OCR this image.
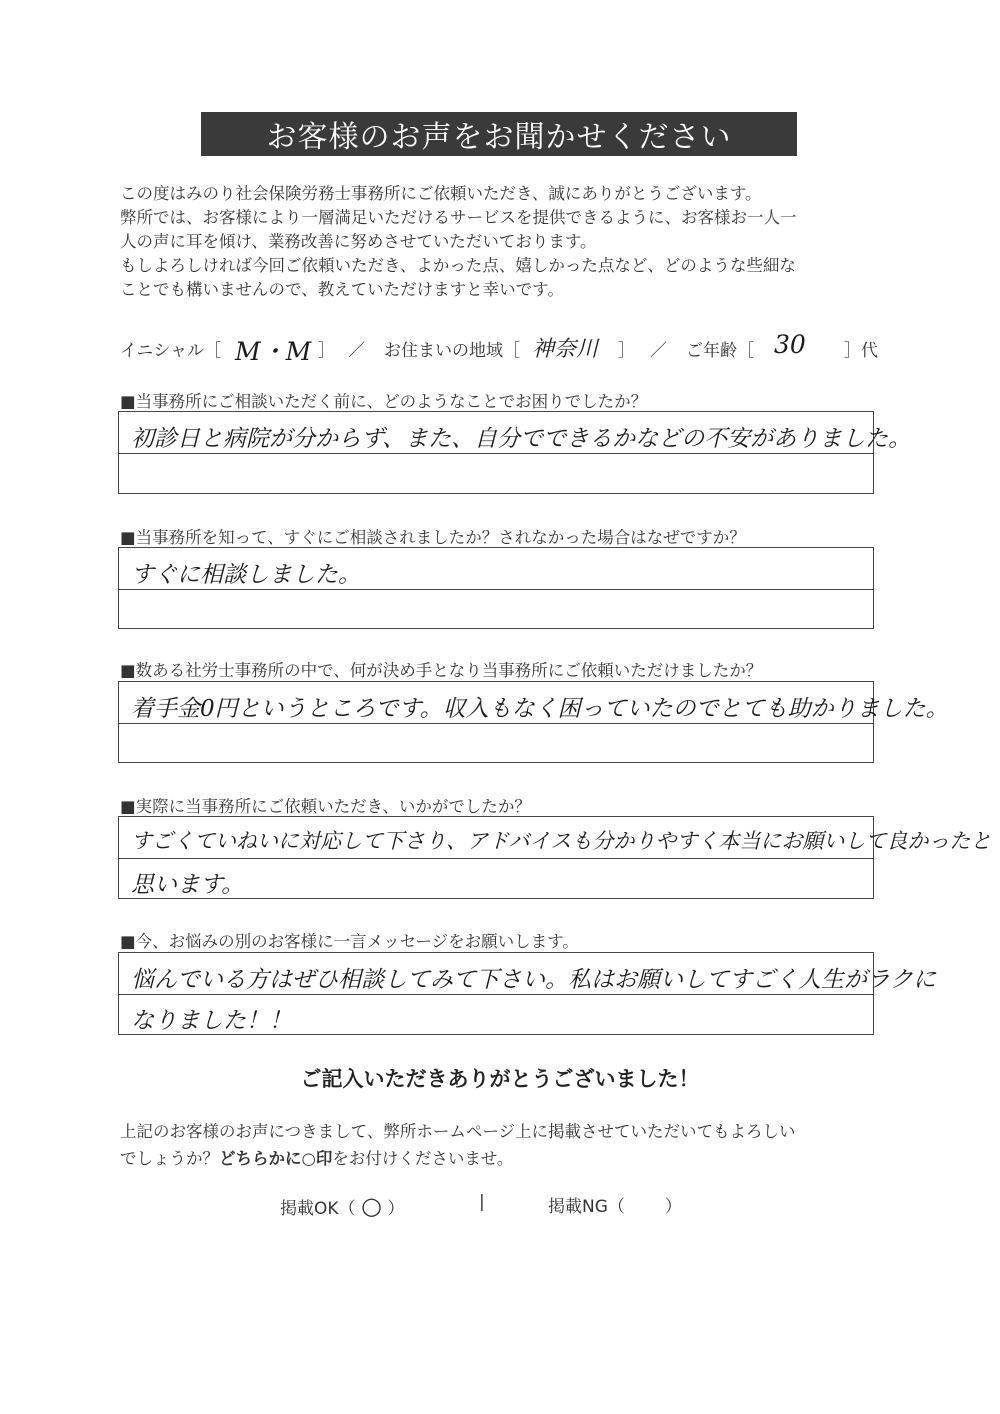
お客様のお声をお聞かせください

この度はみのり社会保険労務士事務所にご依頼いただき、誠にありがとうございます。

弊所では、お客様により一層満足いただけるサービスを提供できるように、お客様お一人一

人の声に耳を傾け、業務改善に努めさせていただいております。

もしよろしければ今回ご依頼いただき、よかった点、嬉しかった点など、どのような些細な

ことでも構いませんので、教えていただけますと幸いです。

イニシャル［ M・M ］ ／ お住まいの地域［ 神奈川 ］ ／ ご年齢［ 30 ］代
■当事務所にご相談いただく前に、どのようなことでお困りでしたか？
初診日と病院が分からず、また、自分でできるかなどの不安がありました。
■当事務所を知って、すぐにご相談されましたか？されなかった場合はなぜですか？
すぐに相談しました。
■数ある社労士事務所の中で、何が決め手となり当事務所にご依頼いただけましたか？
着手金0円というところです。収入もなく困っていたのでとても助かりました。
■実際に当事務所にご依頼いただき、いかがでしたか？
すごくていねいに対応して下さり、アドバイスも分かりやすく本当にお願いして良かったと
思います。
■今、お悩みの別のお客様に一言メッセージをお願いします。
悩んでいる方はぜひ相談してみて下さい。私はお願いしてすごく人生がラクに
なりました！！
ご記入いただきありがとうございました！

上記のお客様のお声につきまして、弊所ホームページ上に掲載させていただいてもよろしい

でしょうか？どちらかに○印をお付けくださいませ。

掲載OK（ ○ ）	|	掲載NG（ ）
